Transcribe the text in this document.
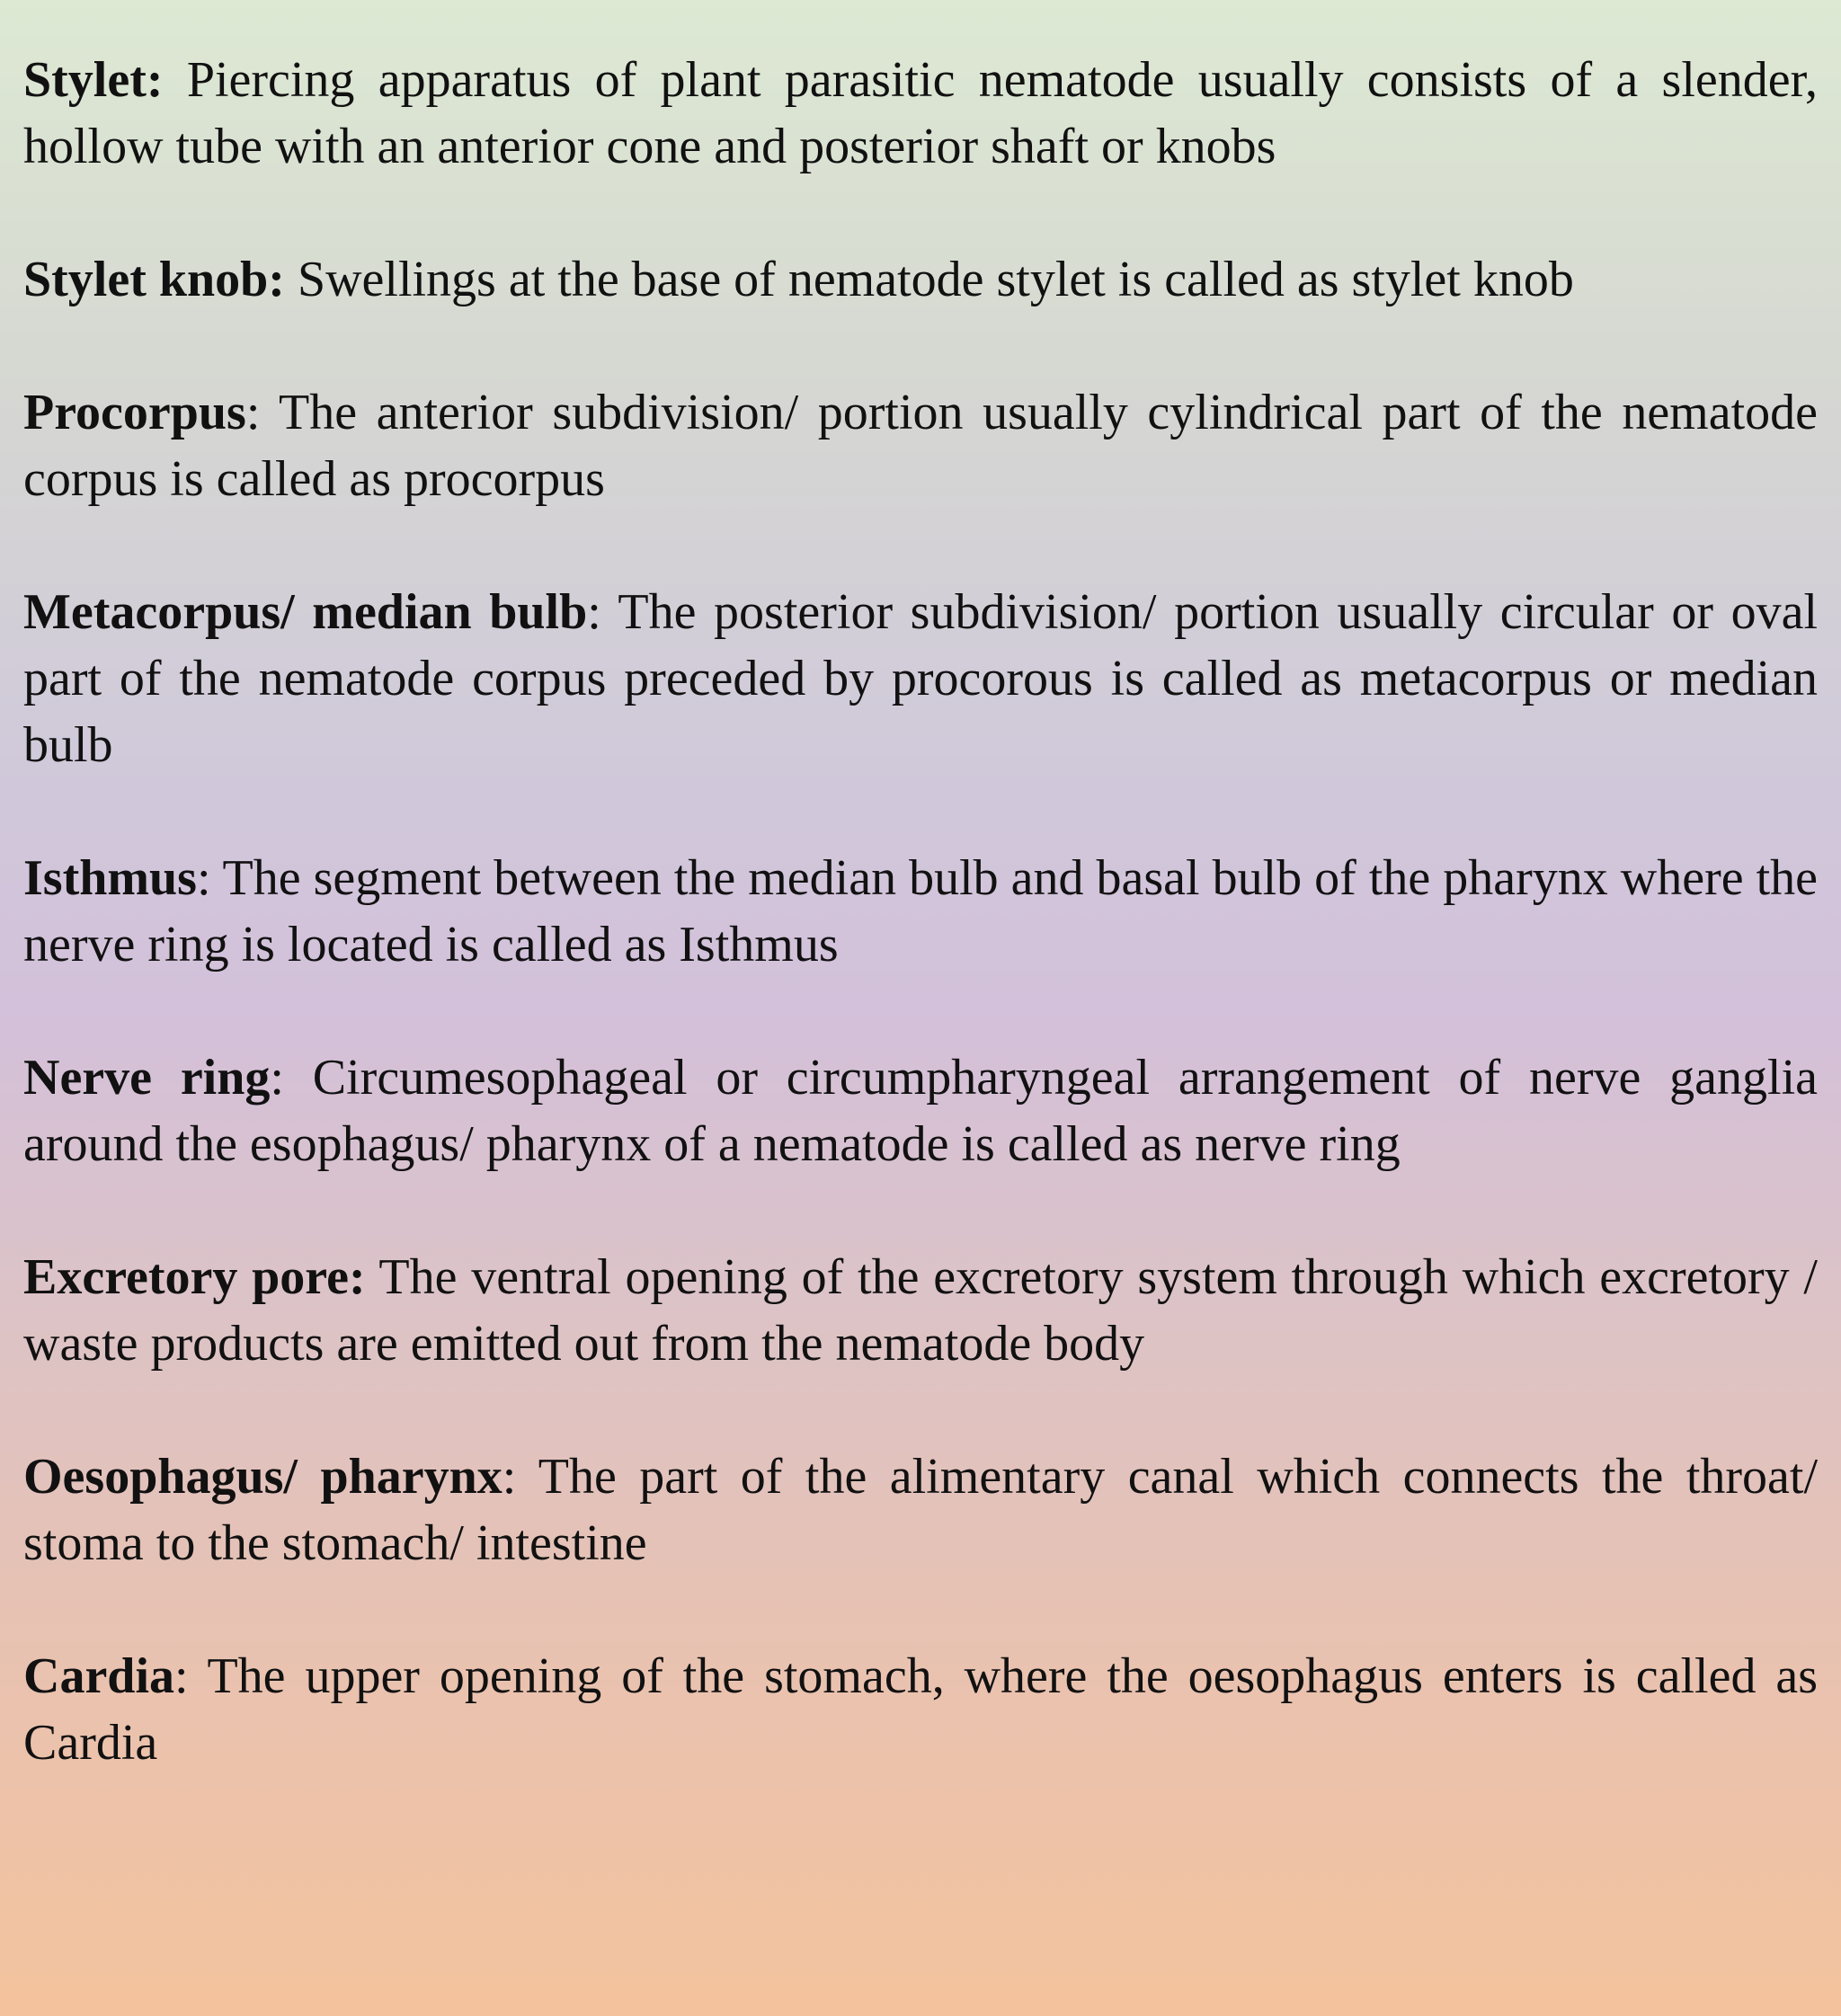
Stylet: Piercing apparatus of plant parasitic nematode usually consists of a slender, hollow tube with an anterior cone and posterior shaft or knobs

Stylet knob: Swellings at the base of nematode stylet is called as stylet knob

Procorpus: The anterior subdivision/ portion usually cylindrical part of the nematode corpus is called as procorpus

Metacorpus/ median bulb: The posterior subdivision/ portion usually circular or oval part of the nematode corpus preceded by procorous is called as metacorpus or median bulb

Isthmus: The segment between the median bulb and basal bulb of the pharynx where the nerve ring is located is called as Isthmus

Nerve ring: Circumesophageal or circumpharyngeal arrangement of nerve ganglia around the esophagus/ pharynx of a nematode is called as nerve ring

Excretory pore: The ventral opening of the excretory system through which excretory / waste products are emitted out from the nematode body

Oesophagus/ pharynx: The part of the alimentary canal which connects the throat/ stoma to the stomach/ intestine

Cardia: The upper opening of the stomach, where the oesophagus enters is called as Cardia
